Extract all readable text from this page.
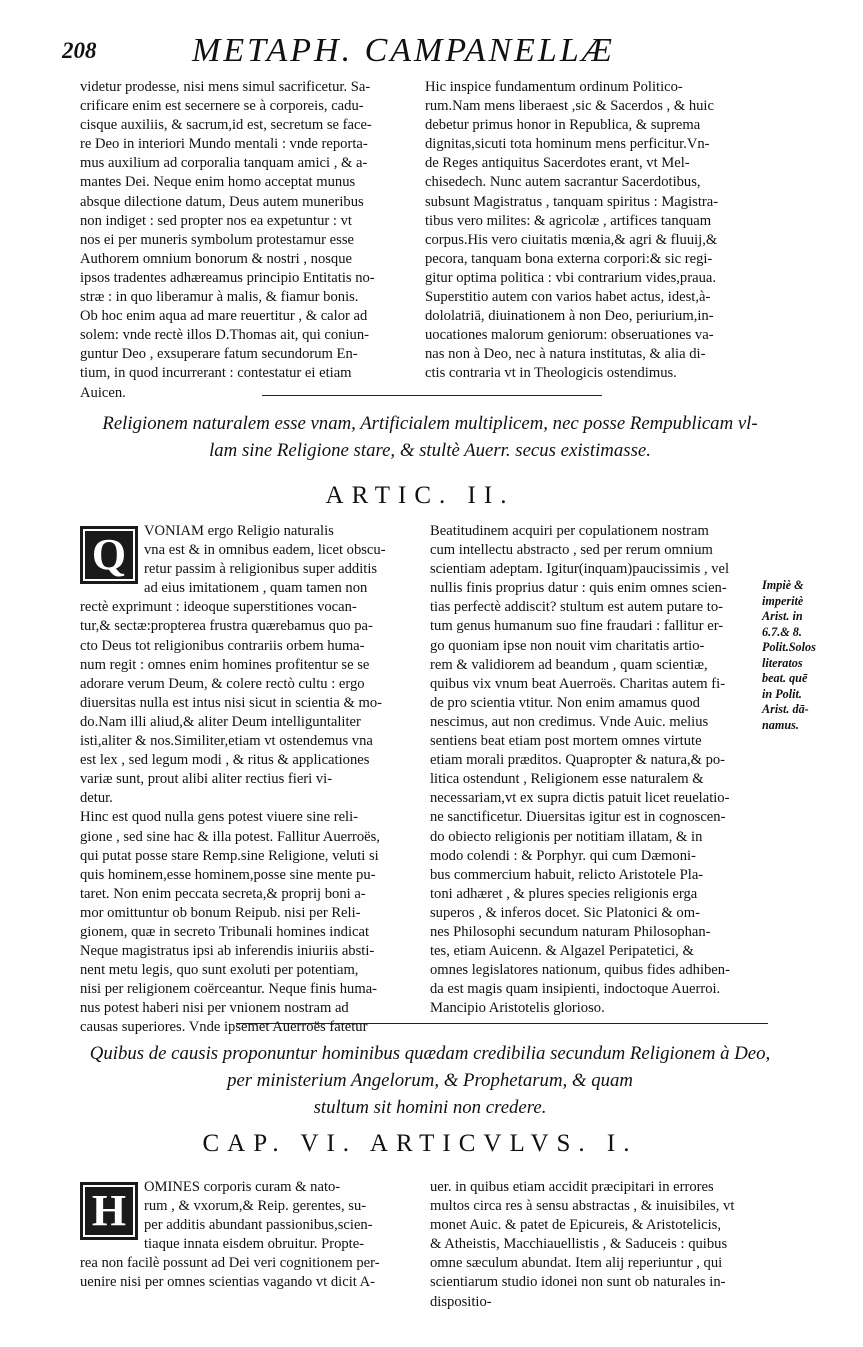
208	METAPH. CAMPANELLÆ
videtur prodesse, nisi mens simul sacrificetur. Sa-
crificare enim est secernere se à corporeis, cadu-
cisque auxiliis, & sacrum,id est, secretum se face-
re Deo in interiori Mundo mentali : vnde reporta-
mus auxilium ad corporalia tanquam amici , & a-
mantes Dei. Neque enim homo acceptat munus
absque dilectione datum, Deus autem muneribus
non indiget : sed propter nos ea expetuntur : vt
nos ei per muneris symbolum protestamur esse
Authorem omnium bonorum & nostri , nosque
ipsos tradentes adhæreamus principio Entitatis no-
stræ : in quo liberamur à malis, & fiamur bonis.
Ob hoc enim aqua ad mare reuertitur , & calor ad
solem: vnde rectè illos D.Thomas ait, qui coniun-
guntur Deo , exsuperare fatum secundorum En-
tium, in quod incurrerant : contestatur ei etiam
Auicen.
Hic inspice fundamentum ordinum Politico-
rum.Nam mens liberaest ,sic & Sacerdos , & huic
debetur primus honor in Republica, & suprema
dignitas,sicuti tota hominum mens perficitur.Vn-
de Reges antiquitus Sacerdotes erant, vt Mel-
chisedech. Nunc autem sacrantur Sacerdotibus,
subsunt Magistratus , tanquam spiritus : Magistra-
tibus vero milites: & agricolæ , artifices tanquam
corpus.His vero ciuitatis mœnia,& agri & fluuij,&
pecora, tanquam bona externa corpori:& sic regi-
gitur optima politica : vbi contrarium vides,praua.
Superstitio autem con varios habet actus, idest,à-
dololatriā, diuinationem à non Deo, periurium,in-
uocationes malorum geniorum: obseruationes va-
nas non à Deo, nec à natura institutas, & alia di-
ctis contraria vt in Theologicis ostendimus.
Religionem naturalem esse vnam, Artificialem multiplicem, nec posse Rempublicam vl-
lam sine Religione stare, & stultè Auerr. secus existimasse.
ARTIC. II.
Q	VONIAM ergo Religio naturalis
vna est & in omnibus eadem, licet obscu-
retur passim à religionibus super additis
ad eius imitationem , quam tamen non
rectè exprimunt : ideoque superstitiones vocan-
tur,& sectæ:propterea frustra quærebamus quo pa-
cto Deus tot religionibus contrariis orbem huma-
num regit : omnes enim homines profitentur se se
adorare verum Deum, & colere rectò cultu : ergo
diuersitas nulla est intus nisi sicut in scientia & mo-
do.Nam illi aliud,& aliter Deum intelliguntaliter
isti,aliter & nos.Similiter,etiam vt ostendemus vna
est lex , sed legum modi , & ritus & applicationes
variæ sunt, prout alibi aliter rectius fieri vi-
detur.
Hinc est quod nulla gens potest viuere sine reli-
gione , sed sine hac & illa potest. Fallitur Auerroës,
qui putat posse stare Remp.sine Religione, veluti si
quis hominem,esse hominem,posse sine mente pu-
taret. Non enim peccata secreta,& proprij boni a-
mor omittuntur ob bonum Reipub. nisi per Reli-
gionem, quæ in secreto Tribunali homines indicat
Neque magistratus ipsi ab inferendis iniuriis absti-
nent metu legis, quo sunt exoluti per potentiam,
nisi per religionem coërceantur. Neque finis huma-
nus potest haberi nisi per vnionem nostram ad
causas superiores. Vnde ipsemet Auerroës fatetur
Beatitudinem acquiri per copulationem nostram
cum intellectu abstracto , sed per rerum omnium
scientiam adeptam. Igitur(inquam)paucissimis , vel
nullis finis proprius datur : quis enim omnes scien-
tias perfectè addiscit? stultum est autem putare to-
tum genus humanum suo fine fraudari : fallitur er-
go quoniam ipse non nouit vim charitatis artio-
rem & validiorem ad beandum , quam scientiæ,
quibus vix vnum beat Auerroës. Charitas autem fi-
de pro scientia vtitur. Non enim amamus quod
nescimus, aut non credimus. Vnde Auic. melius
sentiens beat etiam post mortem omnes virtute
etiam morali præditos. Quapropter & natura,& po-
litica ostendunt , Religionem esse naturalem &
necessariam,vt ex supra dictis patuit licet reuelatio-
ne sanctificetur. Diuersitas igitur est in cognoscen-
do obiecto religionis per notitiam illatam, & in
modo colendi : & Porphyr. qui cum Dæmoni-
bus commercium habuit, relicto Aristotele Pla-
toni adhæret , & plures species religionis erga
superos , & inferos docet. Sic Platonici & om-
nes Philosophi secundum naturam Philosophan-
tes, etiam Auicenn. & Algazel Peripatetici, &
omnes legislatores nationum, quibus fides adhiben-
da est magis quam insipienti, indoctoque Auerroi.
Mancipio Aristotelis glorioso.
Impiè &
imperitè
Arist. in
6.7.& 8.
Polit.Solos
literatos
beat. quē
in Polit.
Arist. dā-
namus.
Quibus de causis proponuntur hominibus quædam credibilia secundum Religionem à Deo,
per ministerium Angelorum, & Prophetarum, & quam
stultum sit homini non credere.
CAP. VI. ARTICVLVS. I.
H	OMINES corporis curam & nato-
rum , & vxorum,& Reip. gerentes, su-
per additis abundant passionibus,scien-
tiaque innata eisdem obruitur. Propte-
rea non facilè possunt ad Dei veri cognitionem per-
uenire nisi per omnes scientias vagando vt dicit A-
uer. in quibus etiam accidit præcipitari in errores
multos circa res à sensu abstractas , & inuisibiles, vt
monet Auic. & patet de Epicureis, & Aristotelicis,
& Atheistis, Macchiauellistis , & Saduceis : quibus
omne sæculum abundat. Item alij reperiuntur , qui
scientiarum studio idonei non sunt ob naturales in-
dispositio-
